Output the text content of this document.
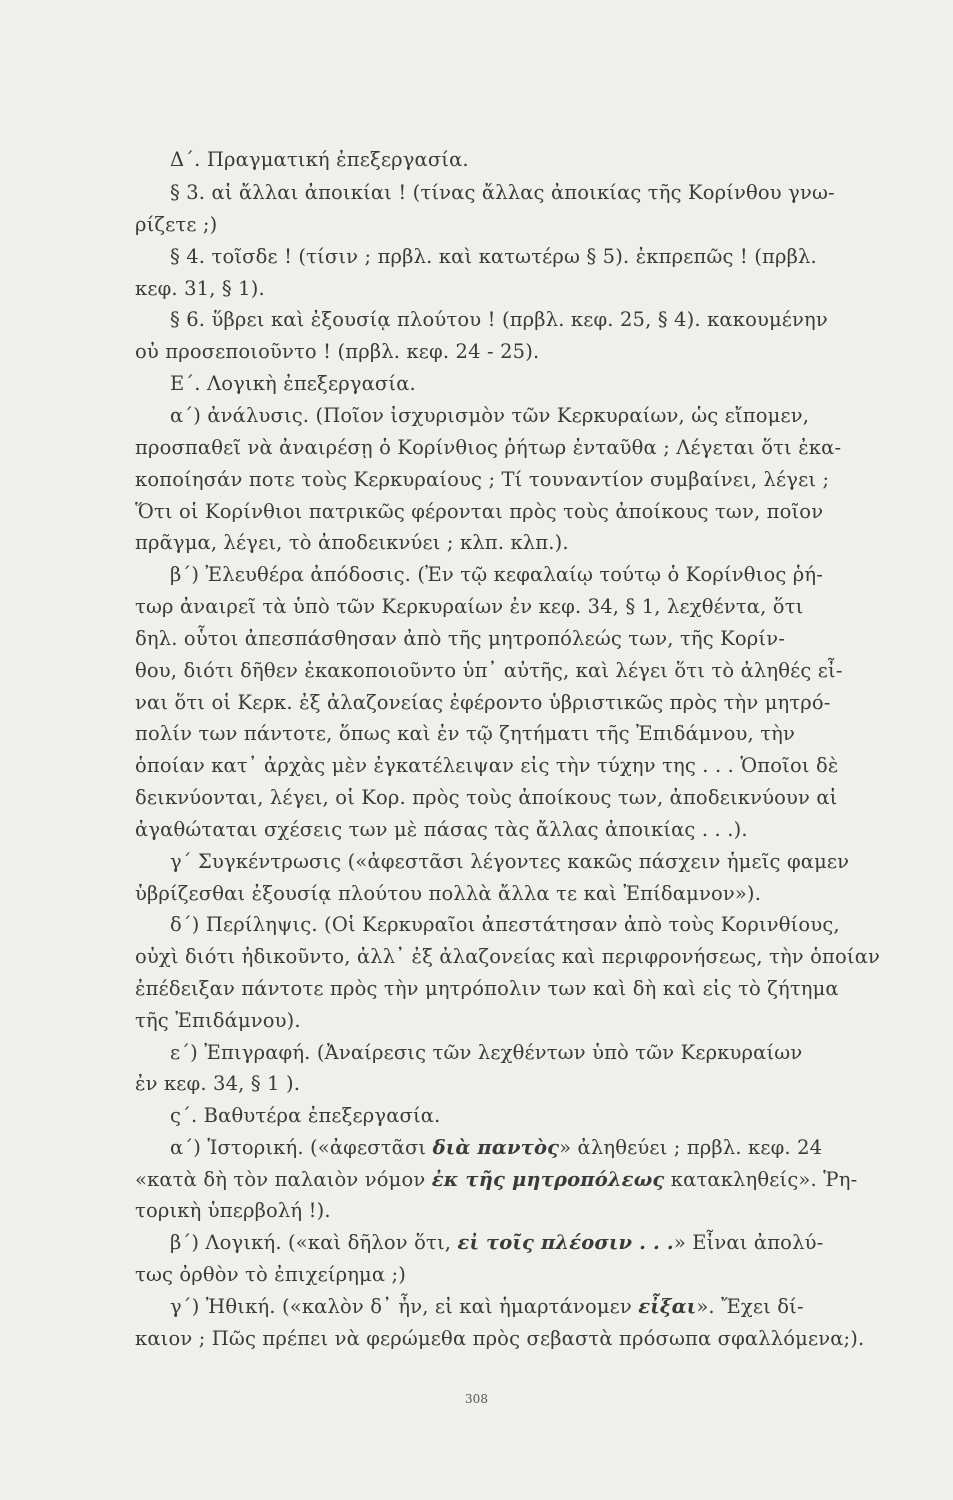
Δ΄. Πραγματική ἐπεξεργασία.
§ 3. αἱ ἄλλαι ἀποικίαι ! (τίνας ἄλλας ἀποικίας τῆς Κορίνθου γνω-
ρίζετε ;)
§ 4. τοῖσδε ! (τίσιν ; πρβλ. καὶ κατωτέρω § 5). ἐκπρεπῶς ! (πρβλ.
κεφ. 31, § 1).
§ 6. ὕβρει καὶ ἐξουσίᾳ πλούτου ! (πρβλ. κεφ. 25, § 4). κακουμένην
οὐ προσεποιοῦντο ! (πρβλ. κεφ. 24 - 25).
Ε΄. Λογικὴ ἐπεξεργασία.
α΄) ἀνάλυσις. (Ποῖον ἰσχυρισμὸν τῶν Κερκυραίων, ὡς εἴπομεν,
προσπαθεῖ νὰ ἀναιρέσῃ ὁ Κορίνθιος ῥήτωρ ἐνταῦθα ; Λέγεται ὅτι ἐκα-
κοποίησάν ποτε τοὺς Κερκυραίους ; Τί τουναντίον συμβαίνει, λέγει ;
Ὅτι οἱ Κορίνθιοι πατρικῶς φέρονται πρὸς τοὺς ἀποίκους των, ποῖον
πρᾶγμα, λέγει, τὸ ἀποδεικνύει ; κλπ. κλπ.).
β΄) Ἐλευθέρα ἀπόδοσις. (Ἐν τῷ κεφαλαίῳ τούτῳ ὁ Κορίνθιος ῥή-
τωρ ἀναιρεῖ τὰ ὑπὸ τῶν Κερκυραίων ἐν κεφ. 34, § 1, λεχθέντα, ὅτι
δηλ. οὗτοι ἀπεσπάσθησαν ἀπὸ τῆς μητροπόλεώς των, τῆς Κορίν-
θου, διότι δῆθεν ἐκακοποιοῦντο ὑπ᾽ αὐτῆς, καὶ λέγει ὅτι τὸ ἀληθές εἶ-
ναι ὅτι οἱ Κερκ. ἐξ ἀλαζονείας ἐφέροντο ὑβριστικῶς πρὸς τὴν μητρό-
πολίν των πάντοτε, ὅπως καὶ ἐν τῷ ζητήματι τῆς Ἐπιδάμνου, τὴν
ὁποίαν κατ᾽ ἀρχὰς μὲν ἐγκατέλειψαν εἰς τὴν τύχην της . . . Ὁποῖοι δὲ
δεικνύονται, λέγει, οἱ Κορ. πρὸς τοὺς ἀποίκους των, ἀποδεικνύουν αἱ
ἀγαθώταται σχέσεις των μὲ πάσας τὰς ἄλλας ἀποικίας . . .).
γ΄ Συγκέντρωσις («ἀφεστᾶσι λέγοντες κακῶς πάσχειν ἡμεῖς φαμεν
ὑβρίζεσθαι ἐξουσίᾳ πλούτου πολλὰ ἄλλα τε καὶ Ἐπίδαμνον»).
δ΄) Περίληψις. (Οἱ Κερκυραῖοι ἀπεστάτησαν ἀπὸ τοὺς Κορινθίους,
οὐχὶ διότι ἠδικοῦντο, ἀλλ᾽ ἐξ ἀλαζονείας καὶ περιφρονήσεως, τὴν ὁποίαν
ἐπέδειξαν πάντοτε πρὸς τὴν μητρόπολιν των καὶ δὴ καὶ εἰς τὸ ζήτημα
τῆς Ἐπιδάμνου).
ε΄) Ἐπιγραφή. (Ἀναίρεσις τῶν λεχθέντων ὑπὸ τῶν Κερκυραίων
ἐν κεφ. 34, § 1 ).
ς΄. Βαθυτέρα ἐπεξεργασία.
α΄) Ἱστορική. («ἀφεστᾶσι διὰ παντὸς» ἀληθεύει ; πρβλ. κεφ. 24
«κατὰ δὴ τὸν παλαιὸν νόμον ἐκ τῆς μητροπόλεως κατακληθείς». Ῥη-
τορικὴ ὑπερβολή !).
β΄) Λογική. («καὶ δῆλον ὅτι, εἰ τοῖς πλέοσιν . . .» Εἶναι ἀπολύ-
τως ὀρθὸν τὸ ἐπιχείρημα ;)
γ΄) Ἠθική. («καλὸν δ᾽ ἦν, εἰ καὶ ἡμαρτάνομεν εἶξαι». Ἔχει δί-
καιον ; Πῶς πρέπει νὰ φερώμεθα πρὸς σεβαστὰ πρόσωπα σφαλλόμενα;).
308
